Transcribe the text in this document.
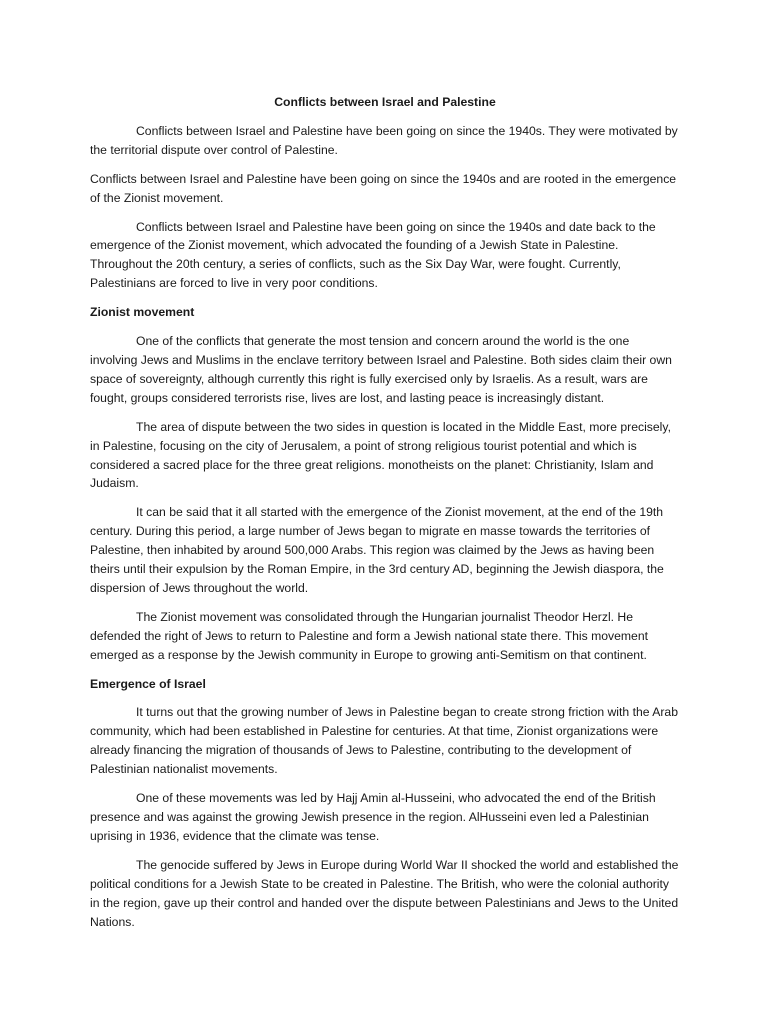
Conflicts between Israel and Palestine

Conflicts between Israel and Palestine have been going on since the 1940s. They were motivated by the territorial dispute over control of Palestine.

Conflicts between Israel and Palestine have been going on since the 1940s and are rooted in the emergence of the Zionist movement.

Conflicts between Israel and Palestine have been going on since the 1940s and date back to the emergence of the Zionist movement, which advocated the founding of a Jewish State in Palestine. Throughout the 20th century, a series of conflicts, such as the Six Day War, were fought. Currently, Palestinians are forced to live in very poor conditions.

Zionist movement

One of the conflicts that generate the most tension and concern around the world is the one involving Jews and Muslims in the enclave territory between Israel and Palestine. Both sides claim their own space of sovereignty, although currently this right is fully exercised only by Israelis. As a result, wars are fought, groups considered terrorists rise, lives are lost, and lasting peace is increasingly distant.

The area of dispute between the two sides in question is located in the Middle East, more precisely, in Palestine, focusing on the city of Jerusalem, a point of strong religious tourist potential and which is considered a sacred place for the three great religions. monotheists on the planet: Christianity, Islam and Judaism.

It can be said that it all started with the emergence of the Zionist movement, at the end of the 19th century. During this period, a large number of Jews began to migrate en masse towards the territories of Palestine, then inhabited by around 500,000 Arabs. This region was claimed by the Jews as having been theirs until their expulsion by the Roman Empire, in the 3rd century AD, beginning the Jewish diaspora, the dispersion of Jews throughout the world.

The Zionist movement was consolidated through the Hungarian journalist Theodor Herzl. He defended the right of Jews to return to Palestine and form a Jewish national state there. This movement emerged as a response by the Jewish community in Europe to growing anti-Semitism on that continent.

Emergence of Israel

It turns out that the growing number of Jews in Palestine began to create strong friction with the Arab community, which had been established in Palestine for centuries. At that time, Zionist organizations were already financing the migration of thousands of Jews to Palestine, contributing to the development of Palestinian nationalist movements.

One of these movements was led by Hajj Amin al-Husseini, who advocated the end of the British presence and was against the growing Jewish presence in the region. AlHusseini even led a Palestinian uprising in 1936, evidence that the climate was tense.

The genocide suffered by Jews in Europe during World War II shocked the world and established the political conditions for a Jewish State to be created in Palestine. The British, who were the colonial authority in the region, gave up their control and handed over the dispute between Palestinians and Jews to the United Nations.
